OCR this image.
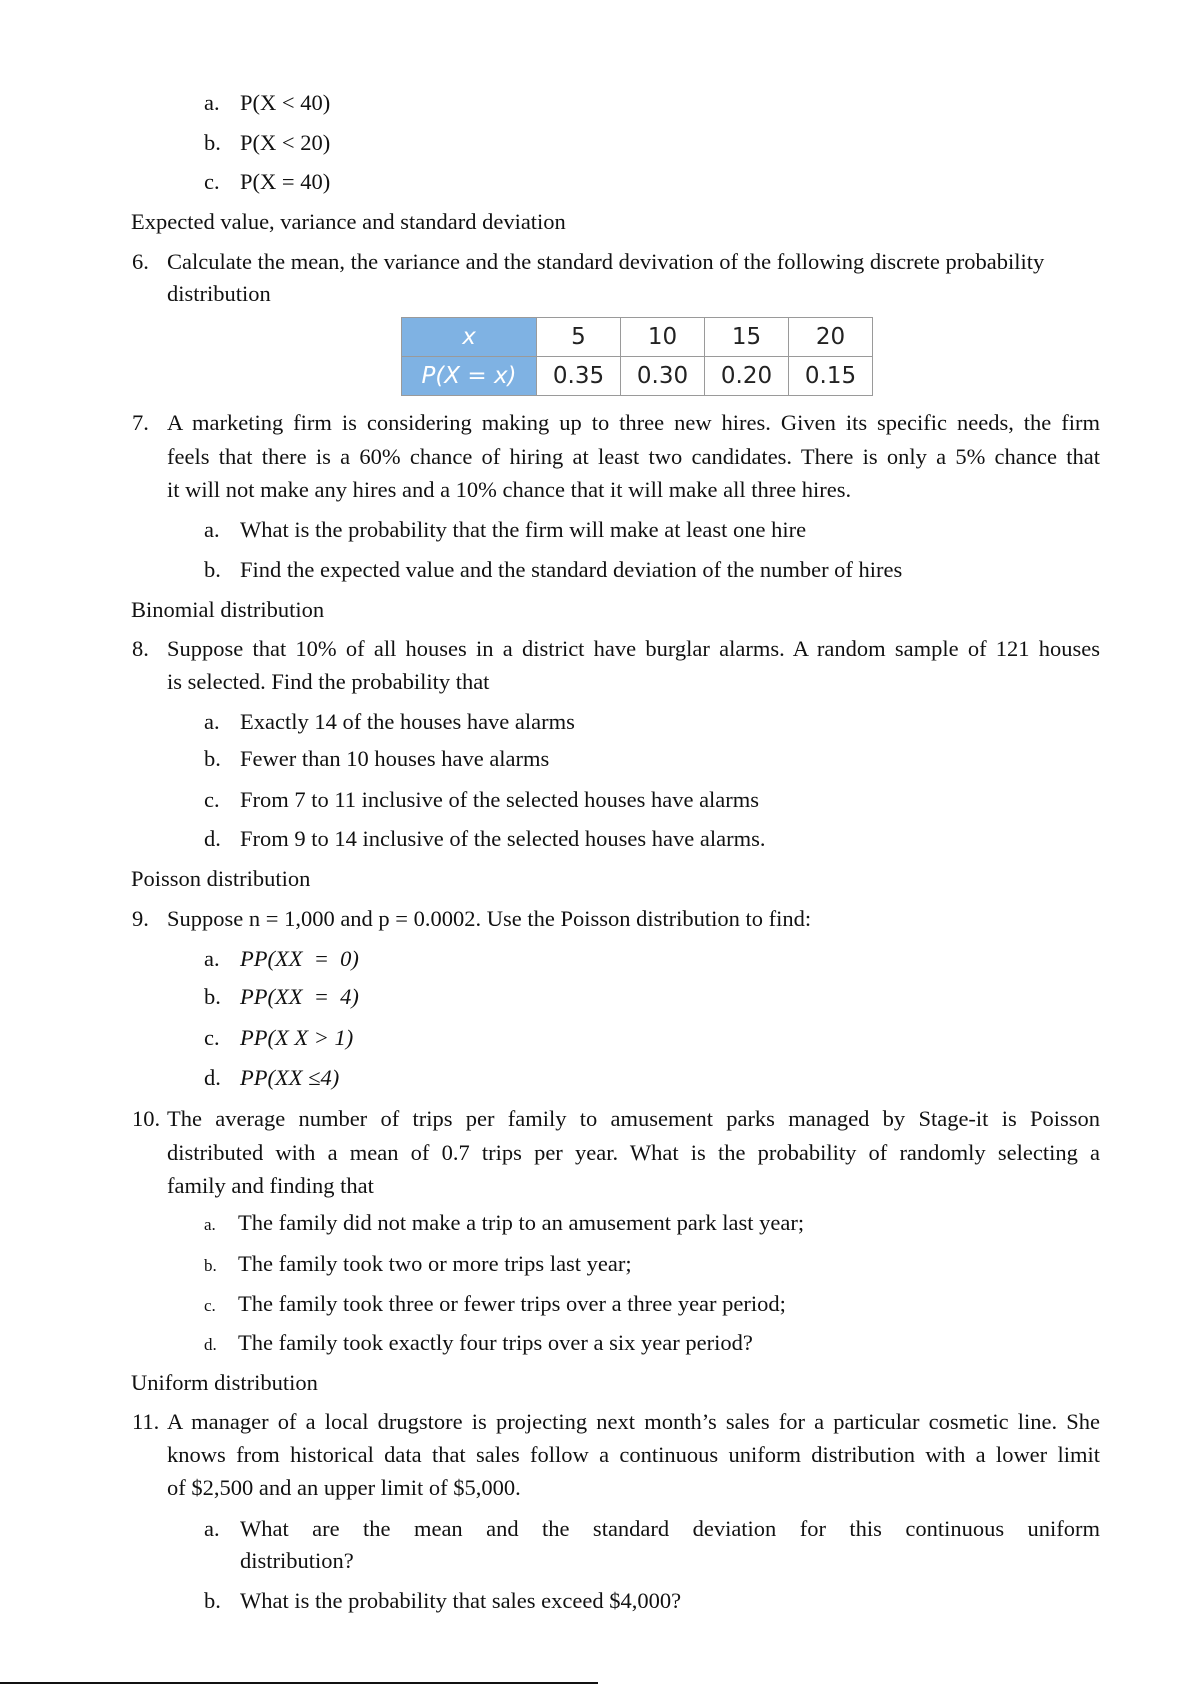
a. P(X < 40)
b. P(X < 20)
c. P(X = 40)
Expected value, variance and standard deviation
6. Calculate the mean, the variance and the standard devivation of the following discrete probability
distribution
x	5	10	15	20
P(X = x)	0.35	0.30	0.20	0.15
7. A marketing firm is considering making up to three new hires. Given its specific needs, the firm
feels that there is a 60% chance of hiring at least two candidates. There is only a 5% chance that
it will not make any hires and a 10% chance that it will make all three hires.
a. What is the probability that the firm will make at least one hire
b. Find the expected value and the standard deviation of the number of hires
Binomial distribution
8. Suppose that 10% of all houses in a district have burglar alarms. A random sample of 121 houses
is selected. Find the probability that
a. Exactly 14 of the houses have alarms
b. Fewer than 10 houses have alarms
c. From 7 to 11 inclusive of the selected houses have alarms
d. From 9 to 14 inclusive of the selected houses have alarms.
Poisson distribution
9. Suppose n = 1,000 and p = 0.0002. Use the Poisson distribution to find:
a. PP(XX  =  0)
b. PP(XX  =  4)
c. PP(X X > 1)
d. PP(XX ≤4)
10. The average number of trips per family to amusement parks managed by Stage-it is Poisson
distributed with a mean of 0.7 trips per year. What is the probability of randomly selecting a
family and finding that
a. The family did not make a trip to an amusement park last year;
b. The family took two or more trips last year;
c. The family took three or fewer trips over a three year period;
d. The family took exactly four trips over a six year period?
Uniform distribution
11. A manager of a local drugstore is projecting next month’s sales for a particular cosmetic line. She
knows from historical data that sales follow a continuous uniform distribution with a lower limit
of $2,500 and an upper limit of $5,000.
a. What are the mean and the standard deviation for this continuous uniform
distribution?
b. What is the probability that sales exceed $4,000?
